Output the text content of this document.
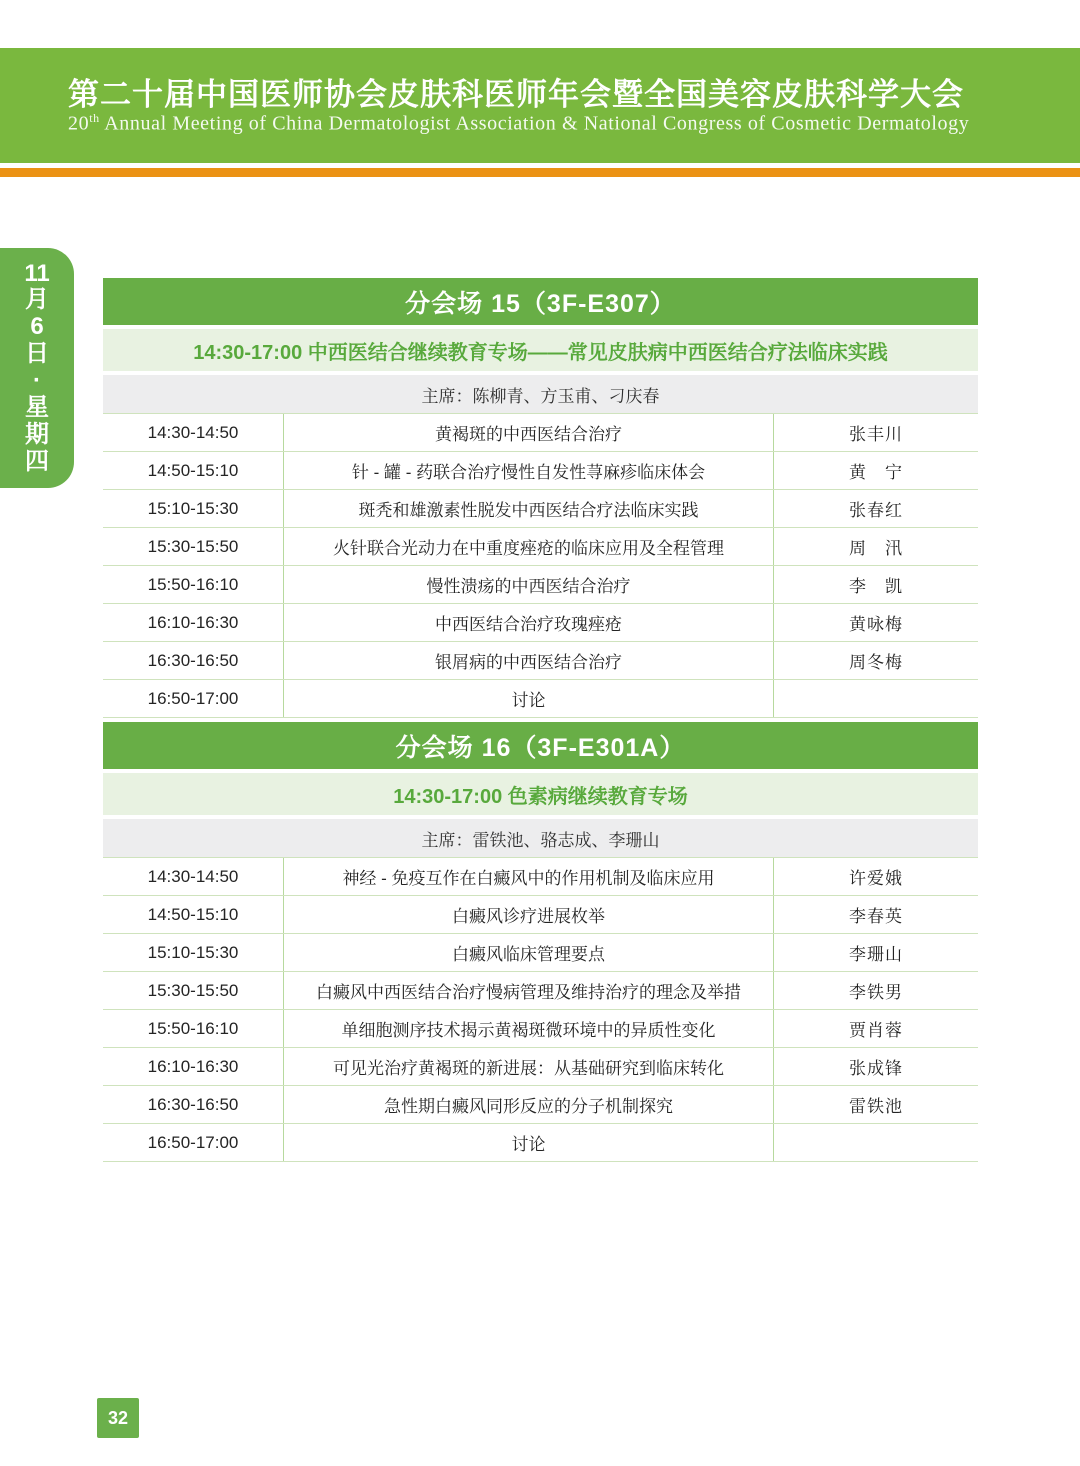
第二十届中国医师协会皮肤科医师年会暨全国美容皮肤科学大会
20th Annual Meeting of China Dermatologist Association & National Congress of Cosmetic Dermatology
11
月
6
日
·
星
期
四
分会场 15（3F-E307）
14:30-17:00 中西医结合继续教育专场——常见皮肤病中西医结合疗法临床实践
主席：陈柳青、方玉甫、刁庆春
14:30-14:50	黄褐斑的中西医结合治疗	张丰川
14:50-15:10	针 - 罐 - 药联合治疗慢性自发性荨麻疹临床体会	黄　宁
15:10-15:30	斑秃和雄激素性脱发中西医结合疗法临床实践	张春红
15:30-15:50	火针联合光动力在中重度痤疮的临床应用及全程管理	周　汛
15:50-16:10	慢性溃疡的中西医结合治疗	李　凯
16:10-16:30	中西医结合治疗玫瑰痤疮	黄咏梅
16:30-16:50	银屑病的中西医结合治疗	周冬梅
16:50-17:00	讨论
分会场 16（3F-E301A）
14:30-17:00 色素病继续教育专场
主席：雷铁池、骆志成、李珊山
14:30-14:50	神经 - 免疫互作在白癜风中的作用机制及临床应用	许爱娥
14:50-15:10	白癜风诊疗进展枚举	李春英
15:10-15:30	白癜风临床管理要点	李珊山
15:30-15:50	白癜风中西医结合治疗慢病管理及维持治疗的理念及举措	李铁男
15:50-16:10	单细胞测序技术揭示黄褐斑微环境中的异质性变化	贾肖蓉
16:10-16:30	可见光治疗黄褐斑的新进展：从基础研究到临床转化	张成锋
16:30-16:50	急性期白癜风同形反应的分子机制探究	雷铁池
16:50-17:00	讨论
32
